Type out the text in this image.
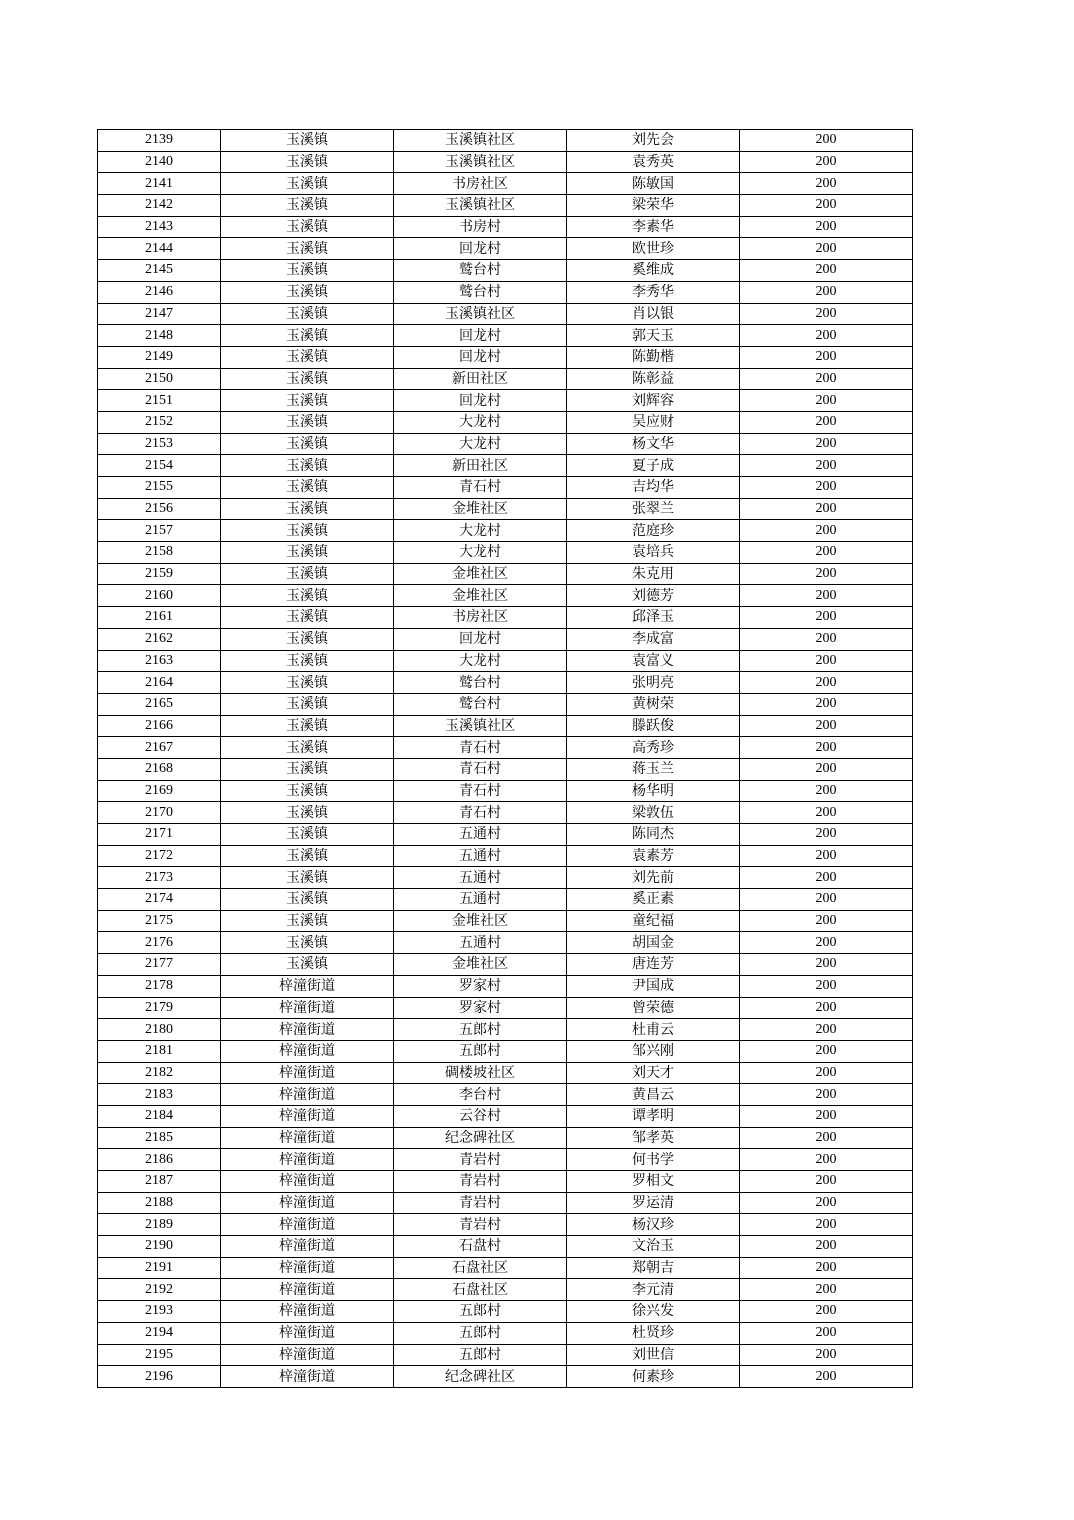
2139	玉溪镇	玉溪镇社区	刘先会	200
2140	玉溪镇	玉溪镇社区	袁秀英	200
2141	玉溪镇	书房社区	陈敏国	200
2142	玉溪镇	玉溪镇社区	梁荣华	200
2143	玉溪镇	书房村	李素华	200
2144	玉溪镇	回龙村	欧世珍	200
2145	玉溪镇	鹫台村	奚维成	200
2146	玉溪镇	鹫台村	李秀华	200
2147	玉溪镇	玉溪镇社区	肖以银	200
2148	玉溪镇	回龙村	郭天玉	200
2149	玉溪镇	回龙村	陈勤楷	200
2150	玉溪镇	新田社区	陈彰益	200
2151	玉溪镇	回龙村	刘辉容	200
2152	玉溪镇	大龙村	吴应财	200
2153	玉溪镇	大龙村	杨文华	200
2154	玉溪镇	新田社区	夏子成	200
2155	玉溪镇	青石村	吉均华	200
2156	玉溪镇	金堆社区	张翠兰	200
2157	玉溪镇	大龙村	范庭珍	200
2158	玉溪镇	大龙村	袁培兵	200
2159	玉溪镇	金堆社区	朱克用	200
2160	玉溪镇	金堆社区	刘德芳	200
2161	玉溪镇	书房社区	邱泽玉	200
2162	玉溪镇	回龙村	李成富	200
2163	玉溪镇	大龙村	袁富义	200
2164	玉溪镇	鹫台村	张明亮	200
2165	玉溪镇	鹫台村	黄树荣	200
2166	玉溪镇	玉溪镇社区	滕跃俊	200
2167	玉溪镇	青石村	高秀珍	200
2168	玉溪镇	青石村	蒋玉兰	200
2169	玉溪镇	青石村	杨华明	200
2170	玉溪镇	青石村	梁敦伍	200
2171	玉溪镇	五通村	陈同杰	200
2172	玉溪镇	五通村	袁素芳	200
2173	玉溪镇	五通村	刘先前	200
2174	玉溪镇	五通村	奚正素	200
2175	玉溪镇	金堆社区	童纪福	200
2176	玉溪镇	五通村	胡国金	200
2177	玉溪镇	金堆社区	唐连芳	200
2178	梓潼街道	罗家村	尹国成	200
2179	梓潼街道	罗家村	曾荣德	200
2180	梓潼街道	五郎村	杜甫云	200
2181	梓潼街道	五郎村	邹兴刚	200
2182	梓潼街道	碉楼坡社区	刘天才	200
2183	梓潼街道	李台村	黄昌云	200
2184	梓潼街道	云谷村	谭孝明	200
2185	梓潼街道	纪念碑社区	邹孝英	200
2186	梓潼街道	青岩村	何书学	200
2187	梓潼街道	青岩村	罗相文	200
2188	梓潼街道	青岩村	罗运清	200
2189	梓潼街道	青岩村	杨汉珍	200
2190	梓潼街道	石盘村	文治玉	200
2191	梓潼街道	石盘社区	郑朝吉	200
2192	梓潼街道	石盘社区	李元清	200
2193	梓潼街道	五郎村	徐兴发	200
2194	梓潼街道	五郎村	杜贤珍	200
2195	梓潼街道	五郎村	刘世信	200
2196	梓潼街道	纪念碑社区	何素珍	200
